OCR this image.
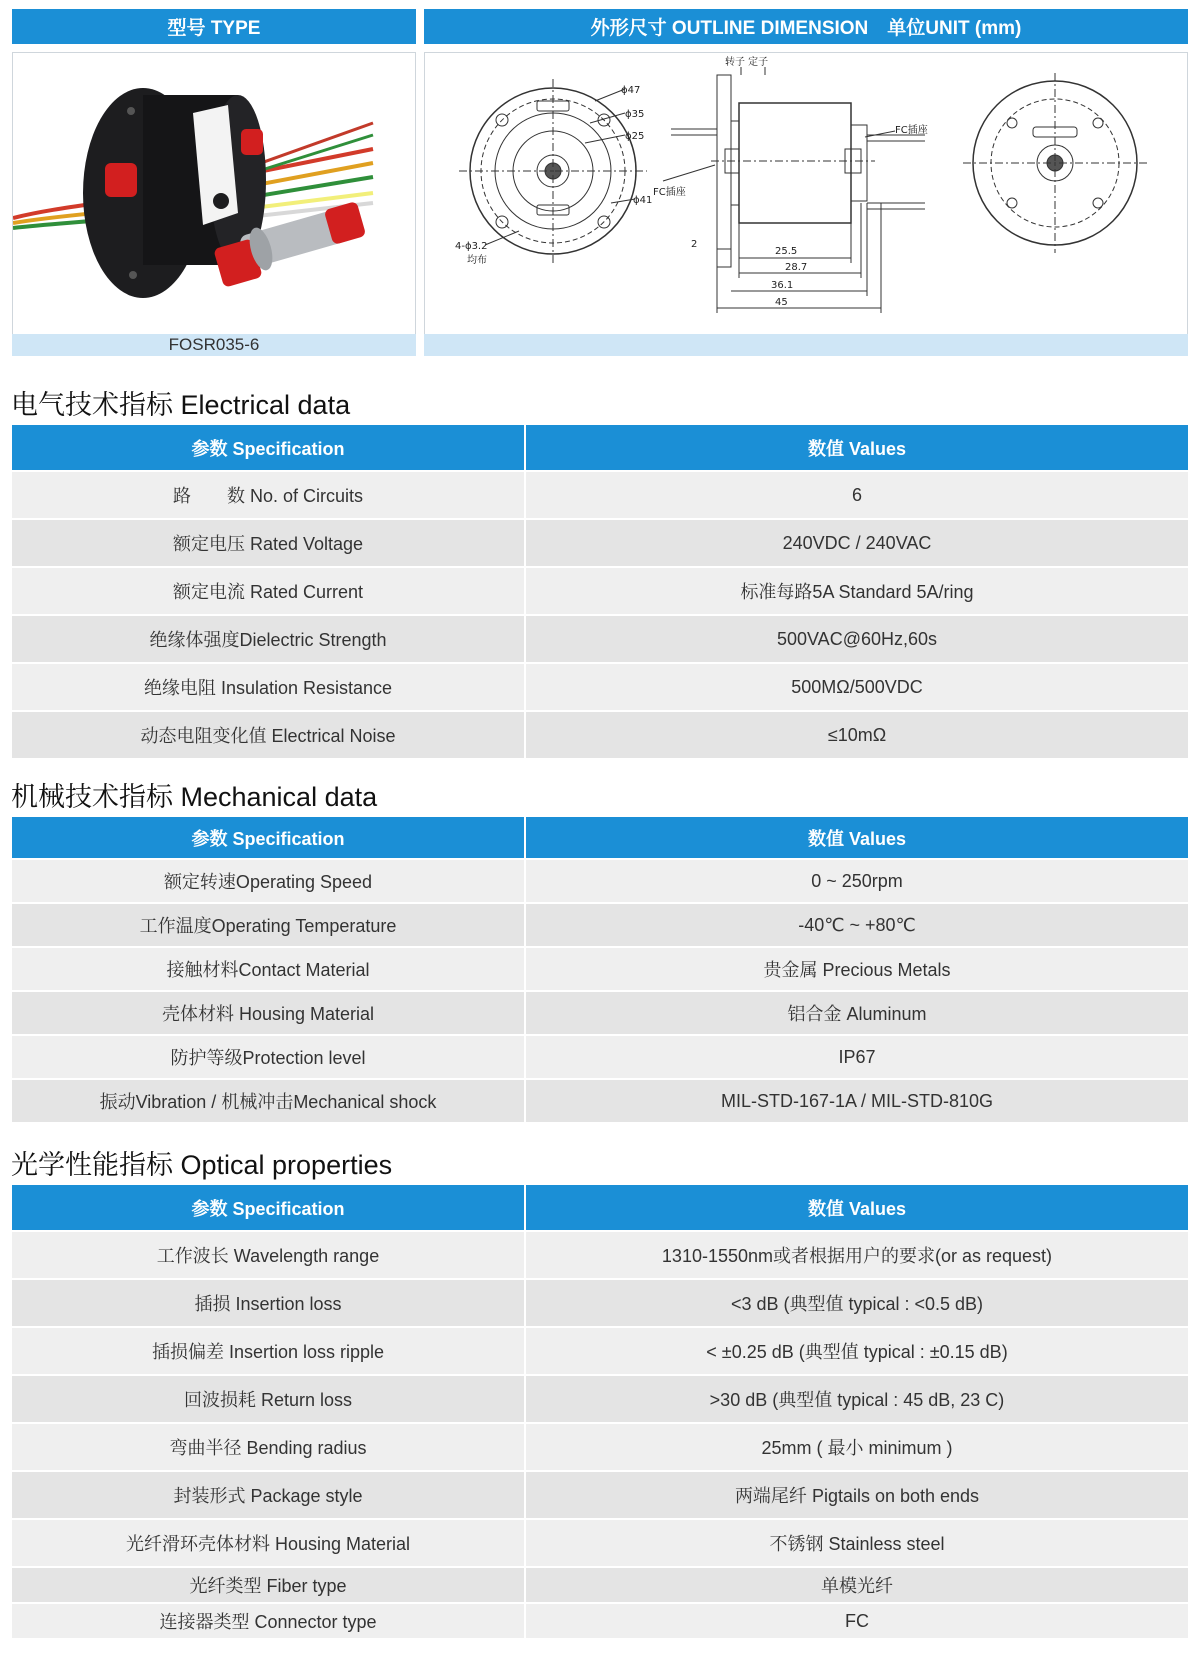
型号 TYPE	外形尺寸 OUTLINE DIMENSION　单位UNIT (mm)
FOSR035-6
ϕ47
ϕ35
ϕ25
ϕ41
4-ϕ3.2
均布
转子 定子
FC插座
FC插座
2
25.5
28.7
36.1
45
电气技术指标 Electrical data
参数 Specification	数值 Values
路　　数 No. of Circuits	6
额定电压 Rated Voltage	240VDC / 240VAC
额定电流 Rated Current	标准每路5A Standard 5A/ring
绝缘体强度Dielectric Strength	500VAC@60Hz,60s
绝缘电阻 Insulation Resistance	500MΩ/500VDC
动态电阻变化值 Electrical Noise	≤10mΩ
机械技术指标 Mechanical data
参数 Specification	数值 Values
额定转速Operating Speed	0 ~ 250rpm
工作温度Operating Temperature	-40℃ ~ +80℃
接触材料Contact Material	贵金属 Precious Metals
壳体材料 Housing Material	铝合金 Aluminum
防护等级Protection level	IP67
振动Vibration / 机械冲击Mechanical shock	MIL-STD-167-1A / MIL-STD-810G
光学性能指标 Optical properties
参数 Specification	数值 Values
工作波长 Wavelength range	1310-1550nm或者根据用户的要求(or as request)
插损 Insertion loss	<3 dB (典型值 typical : <0.5 dB)
插损偏差 Insertion loss ripple	< ±0.25 dB (典型值 typical : ±0.15 dB)
回波损耗 Return loss	>30 dB (典型值 typical : 45 dB, 23 C)
弯曲半径 Bending radius	25mm ( 最小 minimum )
封装形式 Package style	两端尾纤 Pigtails on both ends
光纤滑环壳体材料 Housing Material	不锈钢 Stainless steel
光纤类型 Fiber type	单模光纤
连接器类型 Connector type	FC
